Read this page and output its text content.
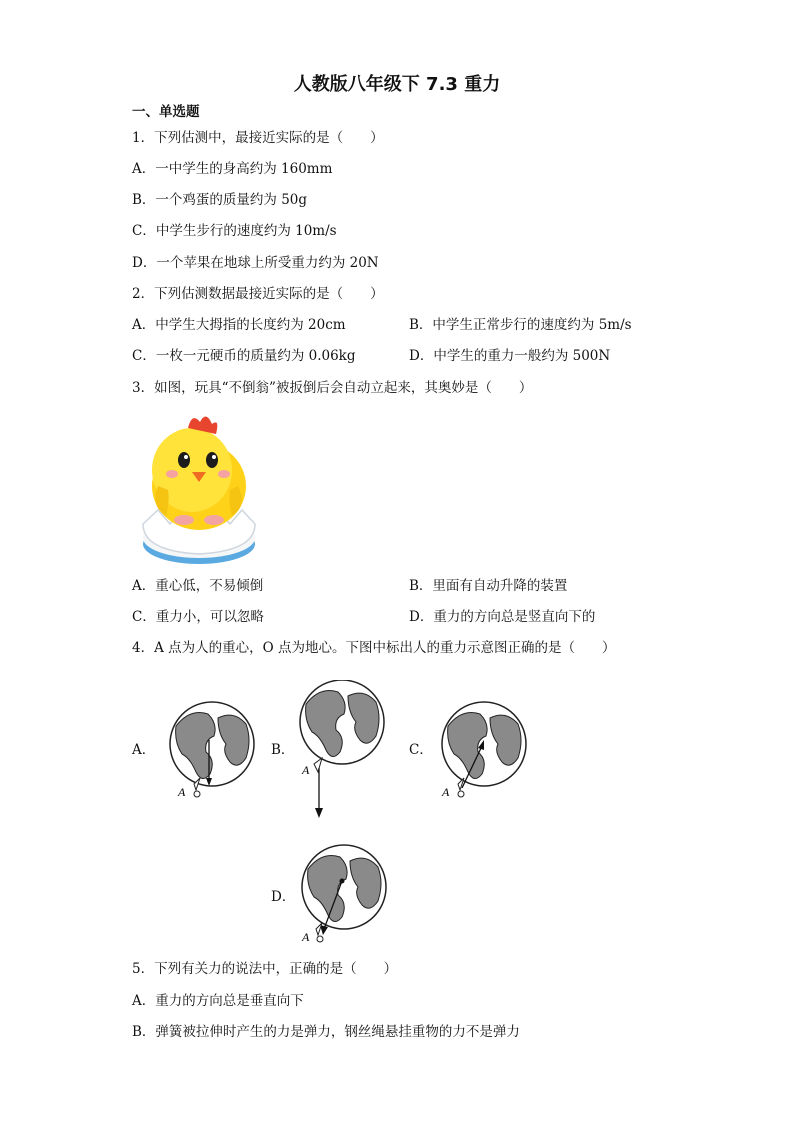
人教版八年级下 7.3 重力
一、单选题
1．下列估测中，最接近实际的是（　　）
A．一中学生的身高约为 160mm
B．一个鸡蛋的质量约为 50g
C．中学生步行的速度约为 10m/s
D．一个苹果在地球上所受重力约为 20N
2．下列估测数据最接近实际的是（　　）
A．中学生大拇指的长度约为 20cm	B．中学生正常步行的速度约为 5m/s
C．一枚一元硬币的质量约为 0.06kg	D．中学生的重力一般约为 500N
3．如图，玩具“不倒翁”被扳倒后会自动立起来，其奥妙是（　　）
A．重心低，不易倾倒	B．里面有自动升降的装置
C．重力小，可以忽略	D．重力的方向总是竖直向下的
4．A 点为人的重心，O 点为地心。下图中标出人的重力示意图正确的是（　　）
A．
A
B．
A
C．
A
D．
A
5．下列有关力的说法中，正确的是（　　）
A．重力的方向总是垂直向下
B．弹簧被拉伸时产生的力是弹力，钢丝绳悬挂重物的力不是弹力
